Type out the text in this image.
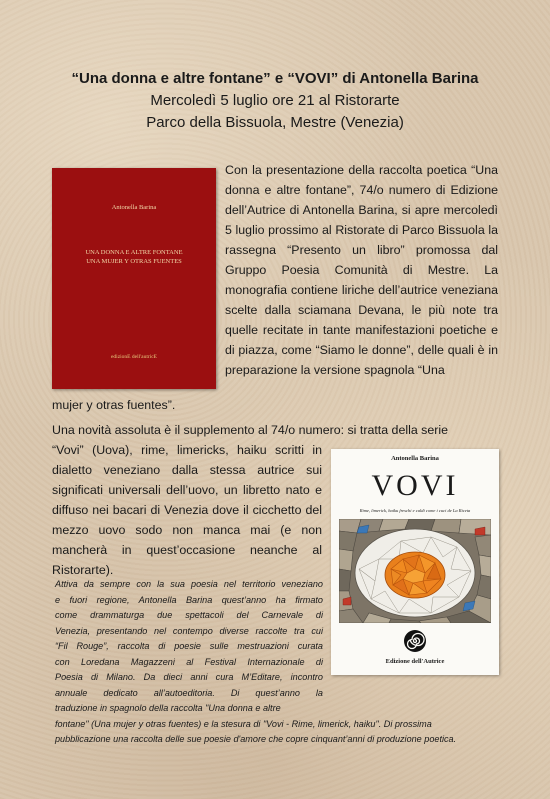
“Una donna e altre fontane” e “VOVI” di Antonella Barina
Mercoledì 5 luglio ore 21 al Ristorarte
Parco della Bissuola, Mestre (Venezia)
Antonella Barina
UNA DONNA E ALTRE FONTANE
UNA MUJER Y OTRAS FUENTES
edizionE dell'autricE

Con la presentazione della raccolta poetica “Una donna e altre fontane”, 74/o numero di Edizione dell’Autrice di Antonella Barina, si apre mercoledì 5 luglio prossimo al Ristorate di Parco Bissuola la rassegna “Presento un libro” promossa dal Gruppo Poesia Comunità di Mestre. La monografia contiene liriche dell’autrice veneziana scelte dalla sciamana Devana, le più note tra quelle recitate in tante manifestazioni poetiche e di piazza, come “Siamo le donne”, delle quali è in preparazione la versione spagnola “Una

mujer y otras fuentes”.

Una novità assoluta è il supplemento al 74/o numero: si tratta della serie

“Vovi” (Uova), rime, limericks, haiku scritti in dialetto veneziano dalla stessa autrice sui significati universali dell’uovo, un libretto nato e diffuso nei bacari di Venezia dove il cicchetto del mezzo uovo sodo non manca mai (e non mancherà in quest’occasione neanche al Ristorarte).

Antonella Barina
VOVI
Rime, limerick, haiku freschi e caldi come i cuci de La Riceta
Edizione dell'Autrice

Attiva da sempre con la sua poesia nel territorio veneziano
e fuori regione, Antonella Barina quest’anno ha firmato
come drammaturga due spettacoli del Carnevale di
Venezia, presentando nel contempo diverse raccolte tra cui
“Fil Rouge”, raccolta di poesie sulle mestruazioni curata
con Loredana Magazzeni al Festival Internazionale di
Poesia di Milano. Da dieci anni cura M’Editare, incontro
annuale dedicato all’autoeditoria. Di quest’anno la
traduzione in spagnolo della raccolta "Una donna e altre
fontane" (Una mujer y otras fuentes) e la stesura di "Vovi - Rime, limerick, haiku". Di prossima
pubblicazione una raccolta delle sue poesie d'amore che copre cinquant’anni di produzione poetica.
